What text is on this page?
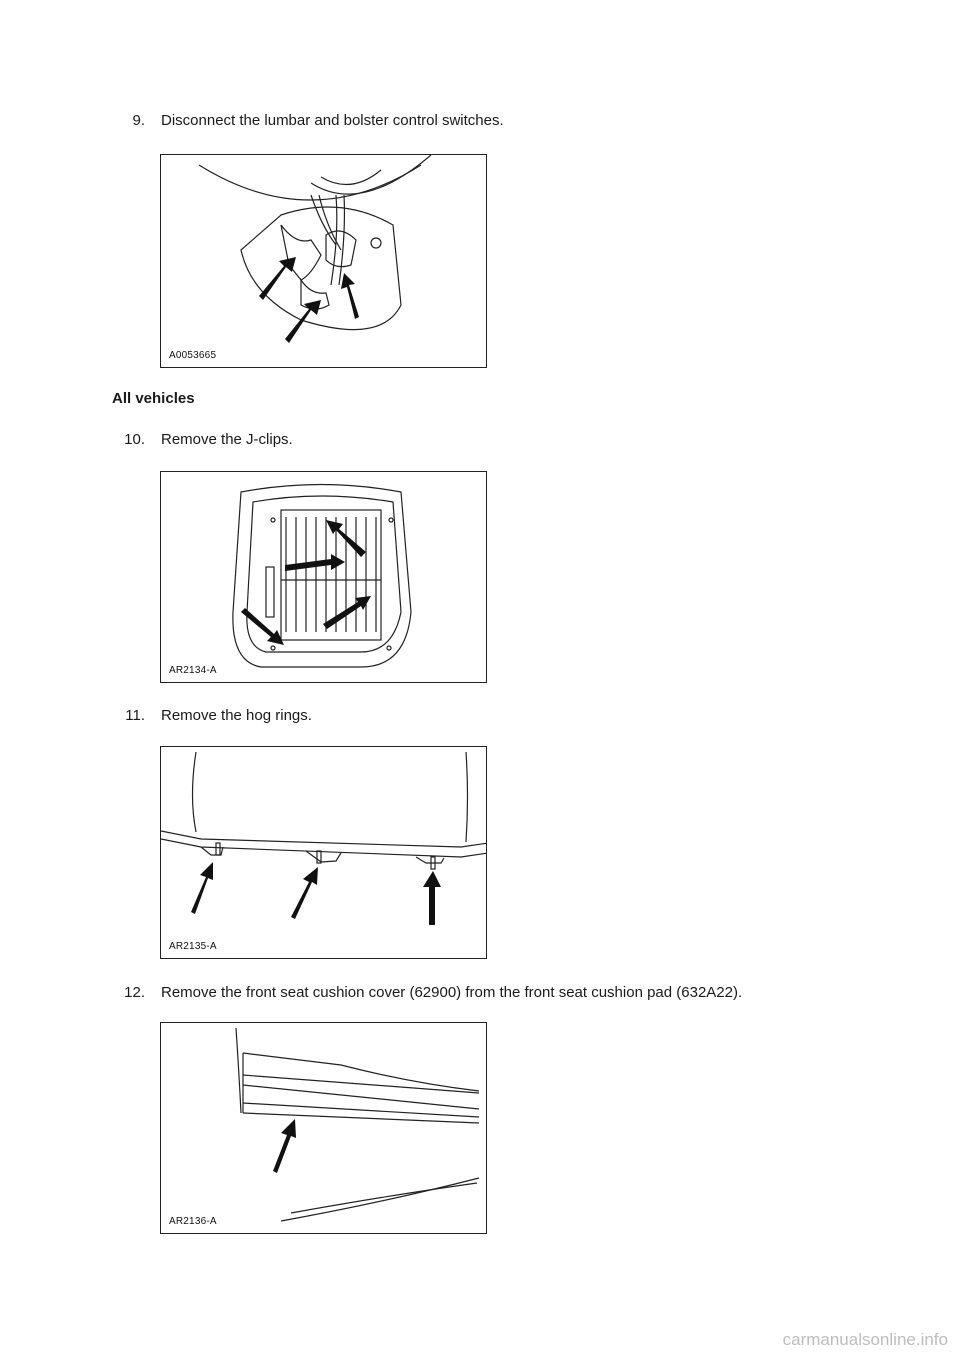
9. Disconnect the lumbar and bolster control switches.
A0053665
All vehicles
10. Remove the J-clips.
AR2134-A
11. Remove the hog rings.
AR2135-A
12. Remove the front seat cushion cover (62900) from the front seat cushion pad (632A22).
AR2136-A
carmanualsonline.info
